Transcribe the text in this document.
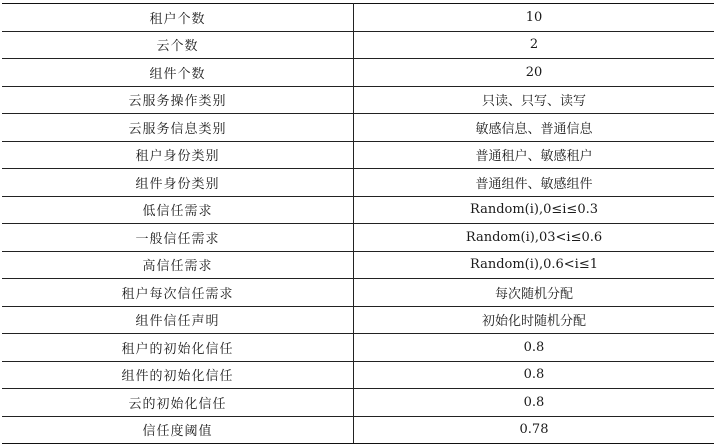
租户个数	10
云个数	2
组件个数	20
云服务操作类别	只读、只写、读写
云服务信息类别	敏感信息、普通信息
租户身份类别	普通租户、敏感租户
组件身份类别	普通组件、敏感组件
低信任需求	Random(i),0≤i≤0.3
一般信任需求	Random(i),03<i≤0.6
高信任需求	Random(i),0.6<i≤1
租户每次信任需求	每次随机分配
组件信任声明	初始化时随机分配
租户的初始化信任	0.8
组件的初始化信任	0.8
云的初始化信任	0.8
信任度阈值	0.78
